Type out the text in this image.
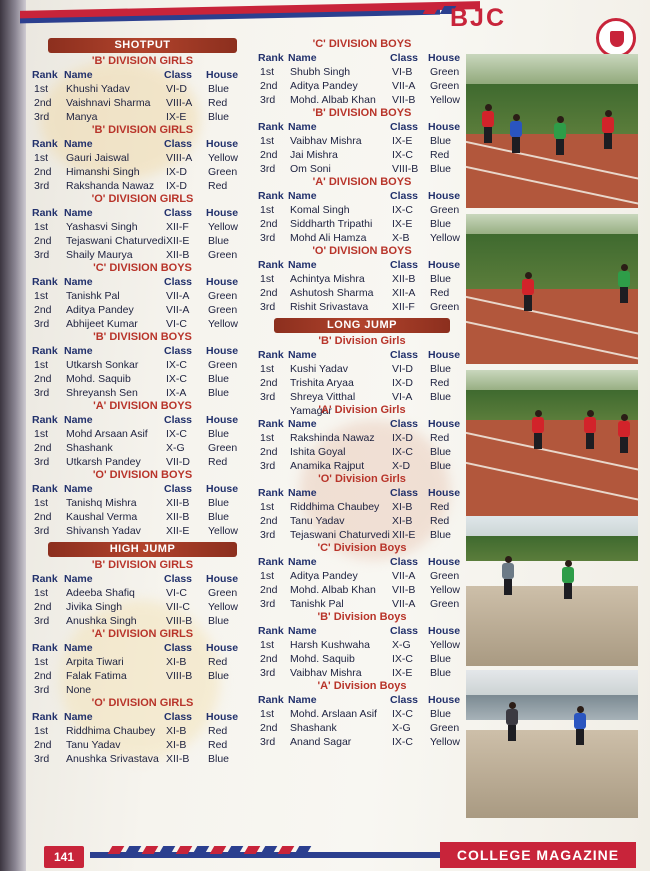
BJC
SHOTPUT
'B' DIVISION GIRLS
Rank Name	Class	House
1st	Khushi Yadav	VI-D	Blue
2nd	Vaishnavi Sharma	VIII-A	Red
3rd	Manya	IX-E	Blue
'B' DIVISION GIRLS
Rank Name	Class	House
1st	Gauri Jaiswal	VIII-A	Yellow
2nd	Himanshi Singh	IX-D	Green
3rd	Rakshanda Nawaz	IX-D	Red
'O' DIVISION GIRLS
Rank Name	Class	House
1st	Yashasvi Singh	XII-F	Yellow
2nd	Tejaswani Chaturvedi XII-E	Blue
3rd	Shaily Maurya	XII-B	Green
'C' DIVISION BOYS
Rank Name	Class	House
1st	Tanishk Pal	VII-A	Green
2nd	Aditya Pandey	VII-A	Green
3rd	Abhijeet Kumar	VI-C	Yellow
'B' DIVISION BOYS
Rank Name	Class	House
1st	Utkarsh Sonkar	IX-C	Green
2nd	Mohd. Saquib	IX-C	Blue
3rd	Shreyansh Sen	IX-A	Blue
'A' DIVISION BOYS
Rank Name	Class	House
1st	Mohd Arsaan Asif	IX-C	Blue
2nd	Shashank	X-G	Green
3rd	Utkarsh Pandey	VII-D	Red
'O' DIVISION BOYS
Rank Name	Class	House
1st	Tanishq Mishra	XII-B	Blue
2nd	Kaushal Verma	XII-B	Blue
3rd	Shivansh Yadav	XII-E	Yellow
HIGH JUMP
'B' DIVISION GIRLS
Rank Name	Class	House
1st	Adeeba Shafiq	VI-C	Green
2nd	Jivika Singh	VII-C	Yellow
3rd	Anushka Singh	VIII-B	Blue
'A' DIVISION GIRLS
Rank Name	Class	House
1st	Arpita Tiwari	XI-B	Red
2nd	Falak Fatima	VIII-B	Blue
3rd	None
'O' DIVISION GIRLS
Rank Name	Class	House
1st	Riddhima Chaubey	XI-B	Red
2nd	Tanu Yadav	XI-B	Red
3rd	Anushka Srivastava XII-B	Blue
'C' DIVISION BOYS
Rank Name	Class House
1st	Shubh Singh	VI-B	Green
2nd	Aditya Pandey	VII-A	Green
3rd	Mohd. Albab Khan	VII-B	Yellow
'B' DIVISION BOYS
Rank Name	Class House
1st	Vaibhav Mishra	IX-E	Blue
2nd	Jai Mishra	IX-C	Red
3rd	Om Soni	VIII-B	Blue
'A' DIVISION BOYS
Rank Name	Class House
1st	Komal Singh	IX-C	Green
2nd	Siddharth Tripathi	IX-E	Blue
3rd	Mohd Ali Hamza	X-B	Yellow
'O' DIVISION BOYS
Rank Name	Class House
1st	Achintya Mishra	XII-B	Blue
2nd	Ashutosh Sharma	XII-A	Red
3rd	Rishit Srivastava	XII-F	Green
LONG JUMP
'B' Division Girls
Rank Name	Class House
1st	Kushi Yadav	VI-D	Blue
2nd	Trishita Aryaa	IX-D	Red
3rd	Shreya Vitthal Yamagar
VI-A	Blue
'A' Division Girls
Rank Name	Class House
1st	Rakshinda Nawaz	IX-D	Red
2nd	Ishita Goyal	IX-C	Blue
3rd	Anamika Rajput	X-D	Blue
'O' Division Girls
Rank Name	Class House
1st	Riddhima Chaubey	XI-B	Red
2nd	Tanu Yadav	XI-B	Red
3rd	Tejaswani Chaturvedi XII-E	Blue
'C' Division Boys
Rank Name	Class House
1st	Aditya Pandey	VII-A	Green
2nd	Mohd. Albab Khan	VII-B	Yellow
3rd	Tanishk Pal	VII-A	Green
'B' Division Boys
Rank Name	Class House
1st	Harsh Kushwaha	X-G	Yellow
2nd	Mohd. Saquib	IX-C	Blue
3rd	Vaibhav Mishra	IX-E	Blue
'A' Division Boys
Rank Name	Class House
1st	Mohd. Arslaan Asif	IX-C	Blue
2nd	Shashank	X-G	Green
3rd	Anand Sagar	IX-C	Yellow
141	COLLEGE MAGAZINE
